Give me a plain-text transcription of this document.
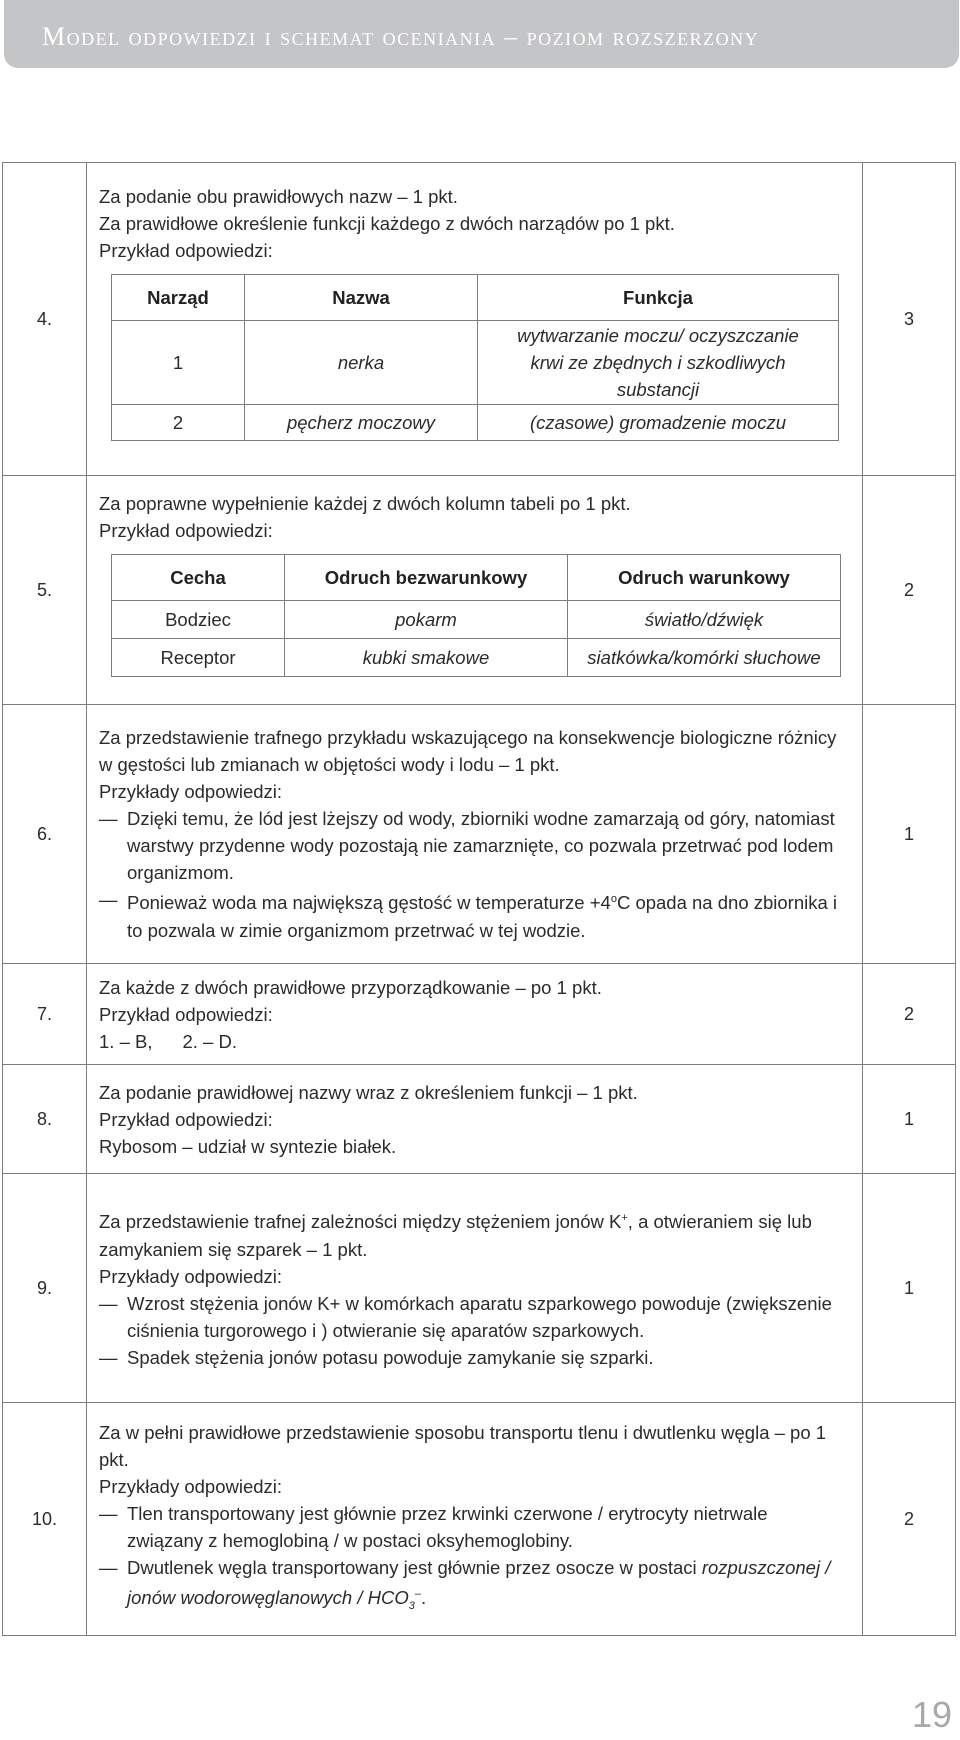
Model odpowiedzi i schemat oceniania – poziom rozszerzony
4.	
Za podanie obu prawidłowych nazw – 1 pkt.
Za prawidłowe określenie funkcji każdego z dwóch narządów po 1 pkt.
Przykład odpowiedzi:
Narząd	Nazwa	Funkcja
1	nerka	wytwarzanie moczu/ oczyszczanie krwi ze zbędnych i szkodliwych substancji
2	pęcherz moczowy	(czasowe) gromadzenie moczu
	3
5.	
Za poprawne wypełnienie każdej z dwóch kolumn tabeli po 1 pkt.
Przykład odpowiedzi:
Cecha	Odruch bezwarunkowy	Odruch warunkowy
Bodziec	pokarm	światło/dźwięk
Receptor	kubki smakowe	siatkówka/komórki słuchowe
	2
6.	
Za przedstawienie trafnego przykładu wskazującego na konsekwencje biologiczne różnicy w gęstości lub zmianach w objętości wody i lodu – 1 pkt.
Przykłady odpowiedzi:
— Dzięki temu, że lód jest lżejszy od wody, zbiorniki wodne zamarzają od góry, natomiast warstwy przydenne wody pozostają nie zamarznięte, co pozwala przetrwać pod lodem organizmom.
— Ponieważ woda ma największą gęstość w temperaturze $+4^oC$ opada na dno zbiornika i to pozwala w zimie organizmom przetrwać w tej wodzie.
	1
7.	
Za każde z dwóch prawidłowe przyporządkowanie – po 1 pkt.
Przykład odpowiedzi:
1. – B, 2. – D.
	2
8.	
Za podanie prawidłowej nazwy wraz z określeniem funkcji – 1 pkt.
Przykład odpowiedzi:
Rybosom – udział w syntezie białek.
	1
9.	
Za przedstawienie trafnej zależności między stężeniem jonów K+, a otwieraniem się lub zamykaniem się szparek – 1 pkt.
Przykłady odpowiedzi:
— Wzrost stężenia jonów K+ w komórkach aparatu szparkowego powoduje (zwiększenie ciśnienia turgorowego i ) otwieranie się aparatów szparkowych.
— Spadek stężenia jonów potasu powoduje zamykanie się szparki.
	1
10.	
Za w pełni prawidłowe przedstawienie sposobu transportu tlenu i dwutlenku węgla – po 1 pkt.
Przykłady odpowiedzi:
— Tlen transportowany jest głównie przez krwinki czerwone / erytrocyty nietrwale związany z hemoglobiną / w postaci oksyhemoglobiny.
— Dwutlenek węgla transportowany jest głównie przez osocze w postaci rozpuszczonej / jonów wodorowęglanowych / $HCO_3^-$.
	2
19
